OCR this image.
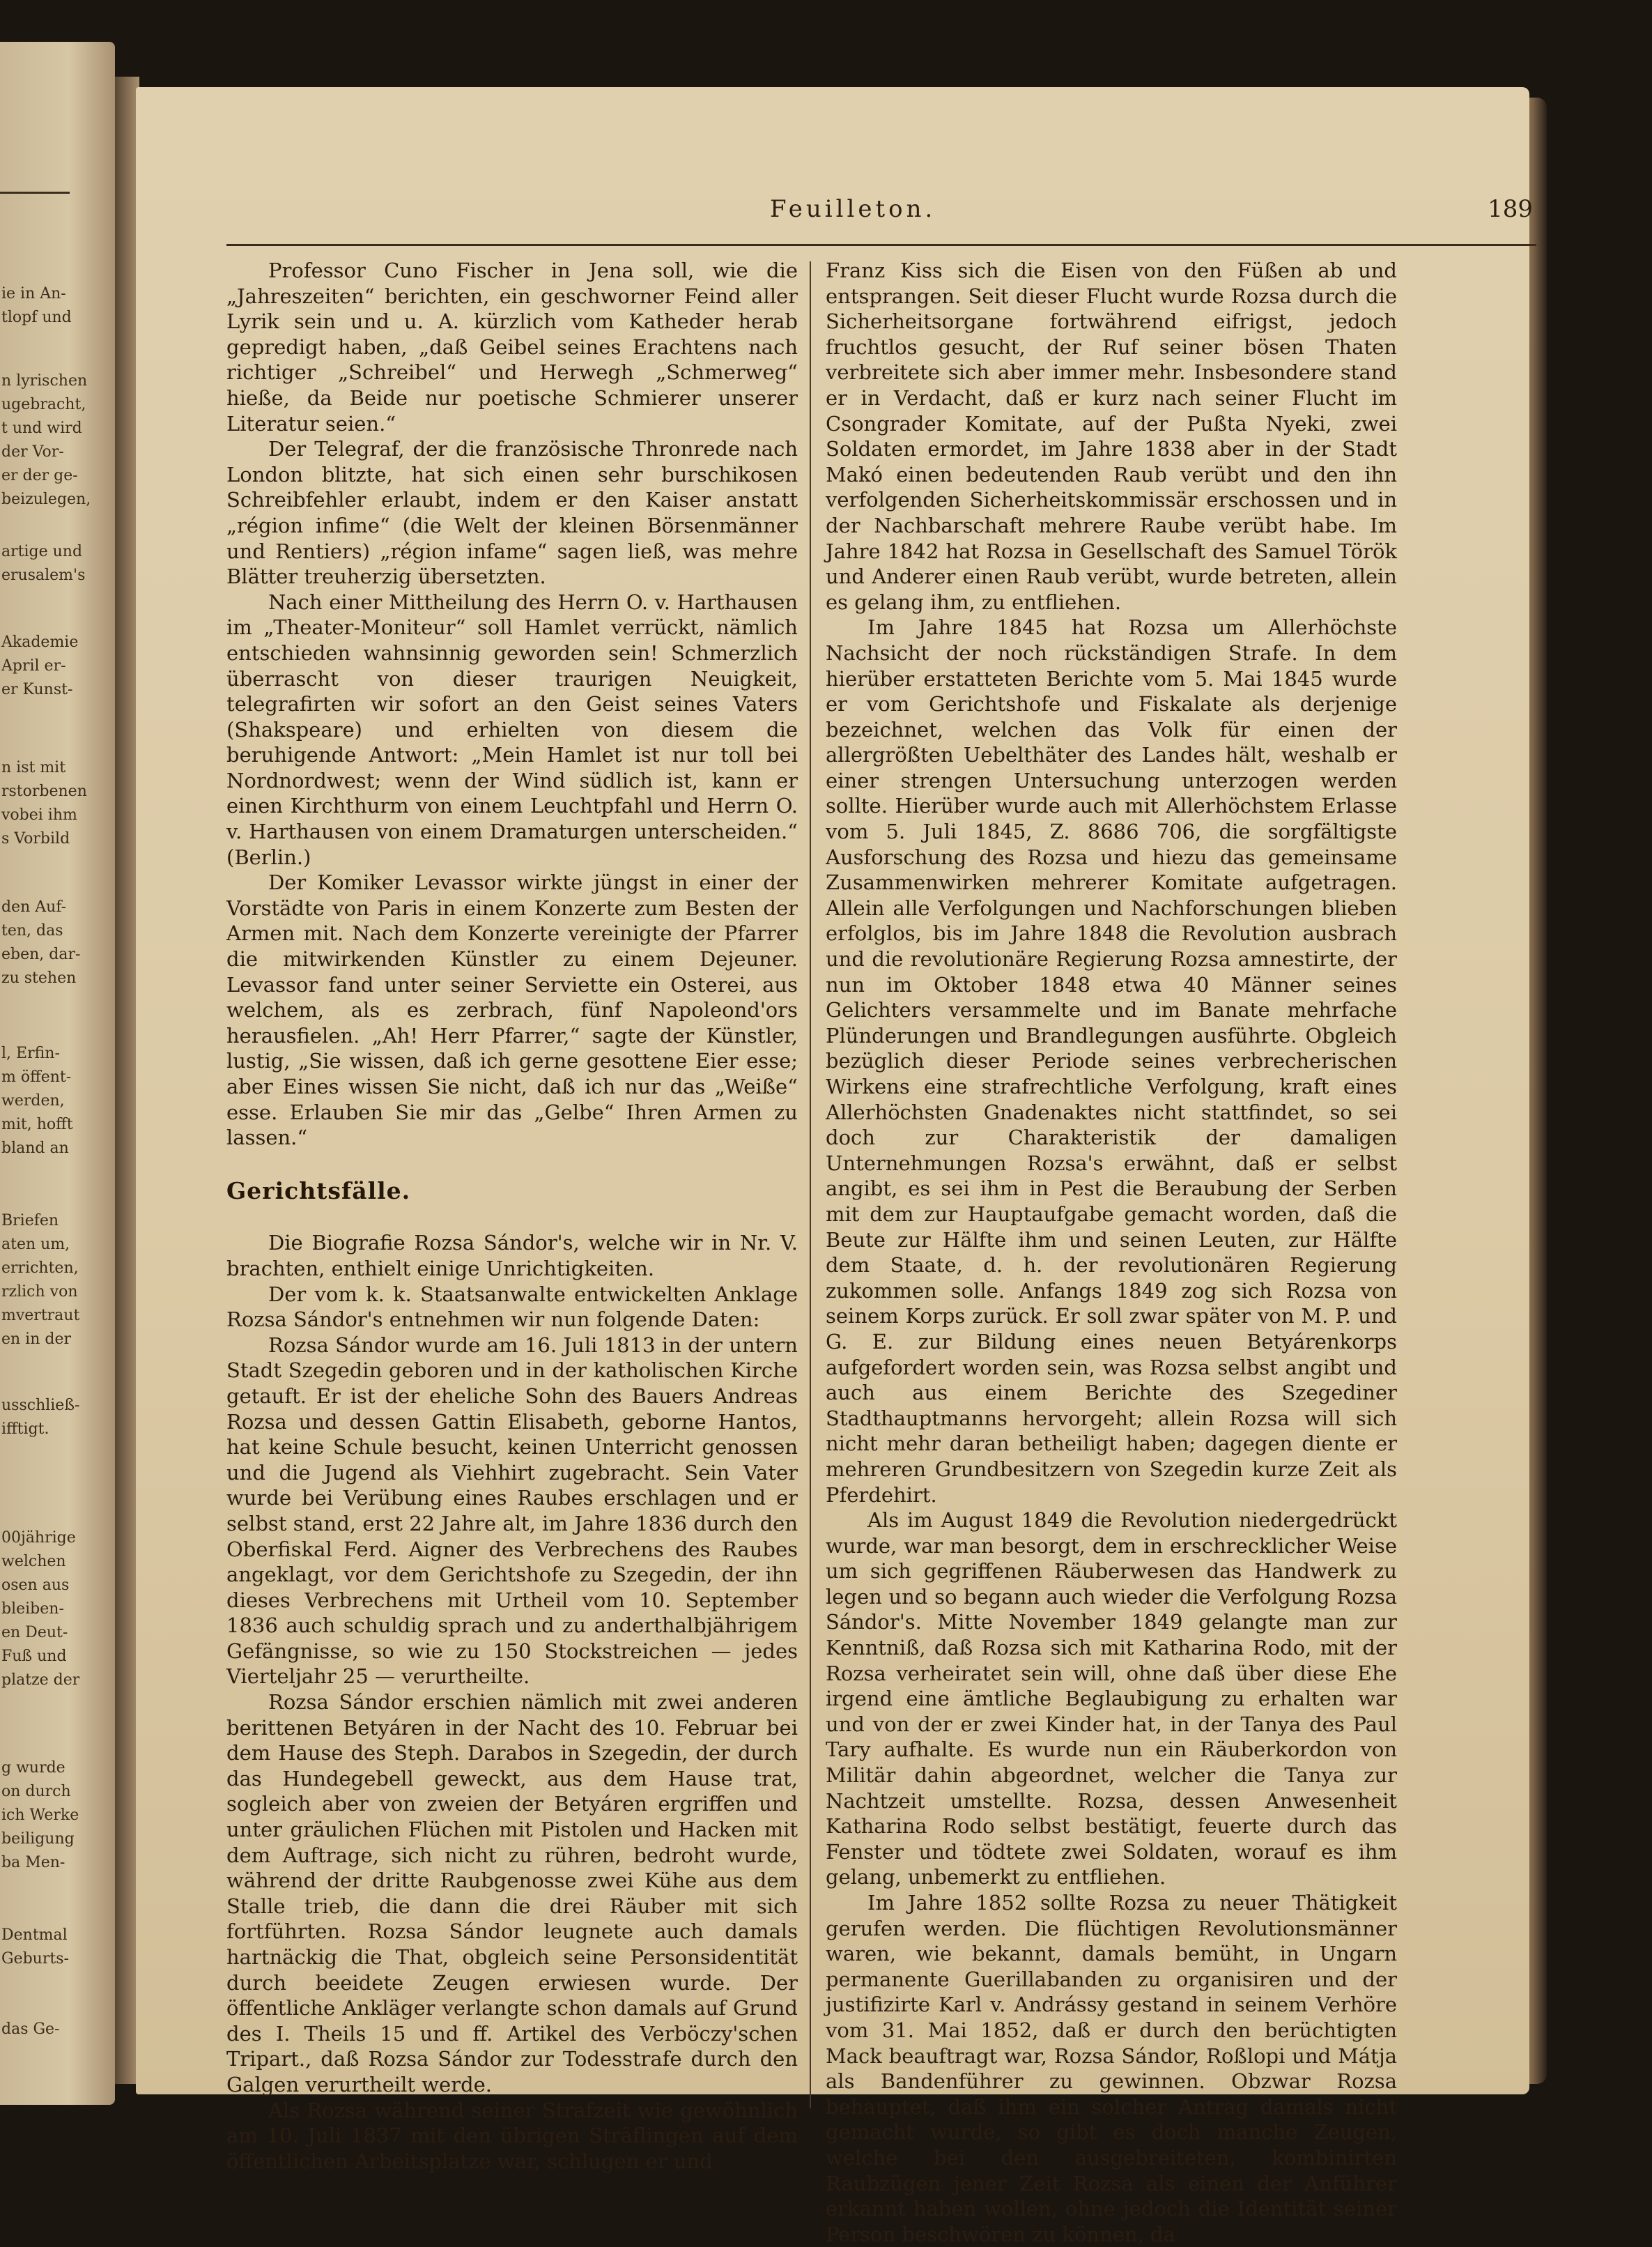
ie in An-

tlopf und

n lyrischen

ugebracht,

t und wird

der Vor-

er der ge-

beizulegen,

artige und

erusalem's

Akademie

April er-

er Kunst-

n ist mit

rstorbenen

vobei ihm

s Vorbild

den Auf-

ten, das

eben, dar-

zu stehen

l, Erfin-

m öffent-

werden,

mit, hofft

bland an

Briefen

aten um,

errichten,

rzlich von

mvertraut

en in der

usschließ-

ifftigt.

00jährige

welchen

osen aus

bleiben-

en Deut-

Fuß und

platze der

g wurde

on durch

ich Werke

beiligung

ba Men-

Dentmal

Geburts-

das Ge-

Feuilleton.	189

Professor Cuno Fischer in Jena soll, wie die „Jahreszeiten“ berichten, ein geschworner Feind aller Lyrik sein und u. A. kürzlich vom Katheder herab gepredigt haben, „daß Geibel seines Erachtens nach richtiger „Schreibel“ und Herwegh „Schmerweg“ hieße, da Beide nur poetische Schmierer unserer Literatur seien.“

Der Telegraf, der die französische Thronrede nach London blitzte, hat sich einen sehr burschikosen Schreibfehler erlaubt, indem er den Kaiser anstatt „région infime“ (die Welt der kleinen Börsenmänner und Rentiers) „région infame“ sagen ließ, was mehre Blätter treuherzig übersetzten.

Nach einer Mittheilung des Herrn O. v. Harthausen im „Theater-Moniteur“ soll Hamlet verrückt, nämlich entschieden wahnsinnig geworden sein! Schmerzlich überrascht von dieser traurigen Neuigkeit, telegrafirten wir sofort an den Geist seines Vaters (Shakspeare) und erhielten von diesem die beruhigende Antwort: „Mein Hamlet ist nur toll bei Nordnordwest; wenn der Wind südlich ist, kann er einen Kirchthurm von einem Leuchtpfahl und Herrn O. v. Harthausen von einem Dramaturgen unterscheiden.“ (Berlin.)

Der Komiker Levassor wirkte jüngst in einer der Vorstädte von Paris in einem Konzerte zum Besten der Armen mit. Nach dem Konzerte vereinigte der Pfarrer die mitwirkenden Künstler zu einem Dejeuner. Levassor fand unter seiner Serviette ein Osterei, aus welchem, als es zerbrach, fünf Napoleond'ors herausfielen. „Ah! Herr Pfarrer,“ sagte der Künstler, lustig, „Sie wissen, daß ich gerne gesottene Eier esse; aber Eines wissen Sie nicht, daß ich nur das „Weiße“ esse. Erlauben Sie mir das „Gelbe“ Ihren Armen zu lassen.“

Gerichtsfälle.

Die Biografie Rozsa Sándor's, welche wir in Nr. V. brachten, enthielt einige Unrichtigkeiten.

Der vom k. k. Staatsanwalte entwickelten Anklage Rozsa Sándor's entnehmen wir nun folgende Daten:

Rozsa Sándor wurde am 16. Juli 1813 in der untern Stadt Szegedin geboren und in der katholischen Kirche getauft. Er ist der eheliche Sohn des Bauers Andreas Rozsa und dessen Gattin Elisabeth, geborne Hantos, hat keine Schule besucht, keinen Unterricht genossen und die Jugend als Viehhirt zugebracht. Sein Vater wurde bei Verübung eines Raubes erschlagen und er selbst stand, erst 22 Jahre alt, im Jahre 1836 durch den Oberfiskal Ferd. Aigner des Verbrechens des Raubes angeklagt, vor dem Gerichtshofe zu Szegedin, der ihn dieses Verbrechens mit Urtheil vom 10. September 1836 auch schuldig sprach und zu anderthalbjährigem Gefängnisse, so wie zu 150 Stockstreichen — jedes Vierteljahr 25 — verurtheilte.

Rozsa Sándor erschien nämlich mit zwei anderen berittenen Betyáren in der Nacht des 10. Februar bei dem Hause des Steph. Darabos in Szegedin, der durch das Hundegebell geweckt, aus dem Hause trat, sogleich aber von zweien der Betyáren ergriffen und unter gräulichen Flüchen mit Pistolen und Hacken mit dem Auftrage, sich nicht zu rühren, bedroht wurde, während der dritte Raubgenosse zwei Kühe aus dem Stalle trieb, die dann die drei Räuber mit sich fortführten. Rozsa Sándor leugnete auch damals hartnäckig die That, obgleich seine Personsidentität durch beeidete Zeugen erwiesen wurde. Der öffentliche Ankläger verlangte schon damals auf Grund des I. Theils 15 und ff. Artikel des Verböczy'schen Tripart., daß Rozsa Sándor zur Todesstrafe durch den Galgen verurtheilt werde.

Als Rozsa während seiner Strafzeit wie gewöhnlich am 10. Juli 1837 mit den übrigen Sträflingen auf dem öffentlichen Arbeitsplatze war, schlugen er und

Franz Kiss sich die Eisen von den Füßen ab und entsprangen. Seit dieser Flucht wurde Rozsa durch die Sicherheitsorgane fortwährend eifrigst, jedoch fruchtlos gesucht, der Ruf seiner bösen Thaten verbreitete sich aber immer mehr. Insbesondere stand er in Verdacht, daß er kurz nach seiner Flucht im Csongrader Komitate, auf der Pußta Nyeki, zwei Soldaten ermordet, im Jahre 1838 aber in der Stadt Makó einen bedeutenden Raub verübt und den ihn verfolgenden Sicherheitskommissär erschossen und in der Nachbarschaft mehrere Raube verübt habe. Im Jahre 1842 hat Rozsa in Gesellschaft des Samuel Török und Anderer einen Raub verübt, wurde betreten, allein es gelang ihm, zu entfliehen.

Im Jahre 1845 hat Rozsa um Allerhöchste Nachsicht der noch rückständigen Strafe. In dem hierüber erstatteten Berichte vom 5. Mai 1845 wurde er vom Gerichtshofe und Fiskalate als derjenige bezeichnet, welchen das Volk für einen der allergrößten Uebelthäter des Landes hält, weshalb er einer strengen Untersuchung unterzogen werden sollte. Hierüber wurde auch mit Allerhöchstem Erlasse vom 5. Juli 1845, Z. 8686 706, die sorgfältigste Ausforschung des Rozsa und hiezu das gemeinsame Zusammenwirken mehrerer Komitate aufgetragen. Allein alle Verfolgungen und Nachforschungen blieben erfolglos, bis im Jahre 1848 die Revolution ausbrach und die revolutionäre Regierung Rozsa amnestirte, der nun im Oktober 1848 etwa 40 Männer seines Gelichters versammelte und im Banate mehrfache Plünderungen und Brandlegungen ausführte. Obgleich bezüglich dieser Periode seines verbrecherischen Wirkens eine strafrechtliche Verfolgung, kraft eines Allerhöchsten Gnadenaktes nicht stattfindet, so sei doch zur Charakteristik der damaligen Unternehmungen Rozsa's erwähnt, daß er selbst angibt, es sei ihm in Pest die Beraubung der Serben mit dem zur Hauptaufgabe gemacht worden, daß die Beute zur Hälfte ihm und seinen Leuten, zur Hälfte dem Staate, d. h. der revolutionären Regierung zukommen solle. Anfangs 1849 zog sich Rozsa von seinem Korps zurück. Er soll zwar später von M. P. und G. E. zur Bildung eines neuen Betyárenkorps aufgefordert worden sein, was Rozsa selbst angibt und auch aus einem Berichte des Szegediner Stadthauptmanns hervorgeht; allein Rozsa will sich nicht mehr daran betheiligt haben; dagegen diente er mehreren Grundbesitzern von Szegedin kurze Zeit als Pferdehirt.

Als im August 1849 die Revolution niedergedrückt wurde, war man besorgt, dem in erschrecklicher Weise um sich gegriffenen Räuberwesen das Handwerk zu legen und so begann auch wieder die Verfolgung Rozsa Sándor's. Mitte November 1849 gelangte man zur Kenntniß, daß Rozsa sich mit Katharina Rodo, mit der Rozsa verheiratet sein will, ohne daß über diese Ehe irgend eine ämtliche Beglaubigung zu erhalten war und von der er zwei Kinder hat, in der Tanya des Paul Tary aufhalte. Es wurde nun ein Räuberkordon von Militär dahin abgeordnet, welcher die Tanya zur Nachtzeit umstellte. Rozsa, dessen Anwesenheit Katharina Rodo selbst bestätigt, feuerte durch das Fenster und tödtete zwei Soldaten, worauf es ihm gelang, unbemerkt zu entfliehen.

Im Jahre 1852 sollte Rozsa zu neuer Thätigkeit gerufen werden. Die flüchtigen Revolutionsmänner waren, wie bekannt, damals bemüht, in Ungarn permanente Guerillabanden zu organisiren und der justifizirte Karl v. Andrássy gestand in seinem Verhöre vom 31. Mai 1852, daß er durch den berüchtigten Mack beauftragt war, Rozsa Sándor, Roßlopi und Mátja als Bandenführer zu gewinnen. Obzwar Rozsa behauptet, daß ihm ein solcher Antrag damals nicht gemacht wurde, so gibt es doch manche Zeugen, welche bei den ausgebreiteten, kombinirten Raubzügen jener Zeit Rozsa als einen der Anführer erkannt haben wollen, ohne jedoch die Identität seiner Person beschwören zu können, da
